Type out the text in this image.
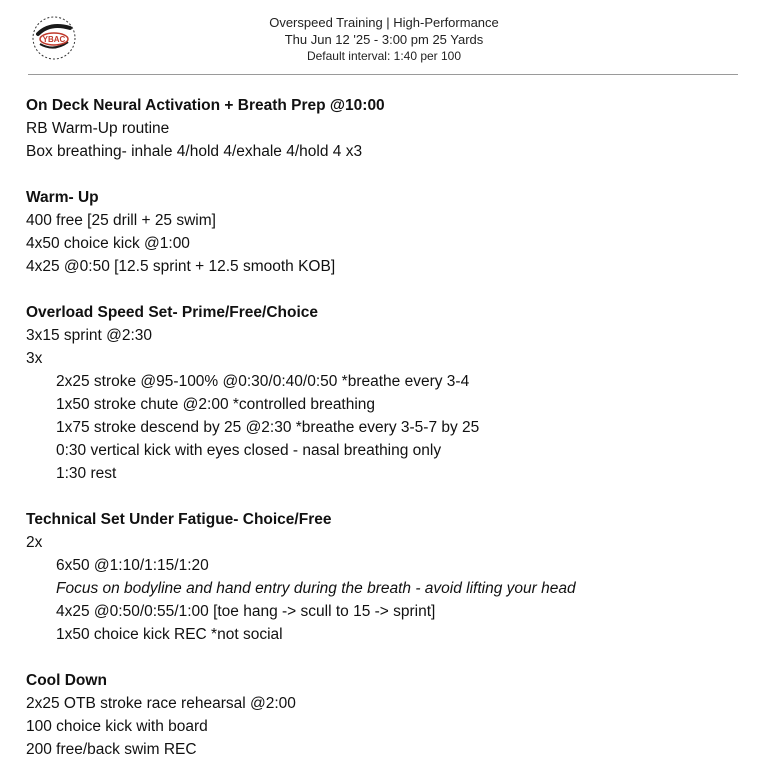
YBAC
Overspeed Training | High-Performance
Thu Jun 12 '25 - 3:00 pm 25 Yards
Default interval: 1:40 per 100
On Deck Neural Activation + Breath Prep @10:00
RB Warm-Up routine
Box breathing- inhale 4/hold 4/exhale 4/hold 4 x3
Warm- Up
400 free [25 drill + 25 swim]
4x50 choice kick @1:00
4x25 @0:50 [12.5 sprint + 12.5 smooth KOB]
Overload Speed Set- Prime/Free/Choice
3x15 sprint @2:30
3x
2x25 stroke @95-100% @0:30/0:40/0:50 *breathe every 3-4
1x50 stroke chute @2:00 *controlled breathing
1x75 stroke descend by 25 @2:30 *breathe every 3-5-7 by 25
0:30 vertical kick with eyes closed - nasal breathing only
1:30 rest
Technical Set Under Fatigue- Choice/Free
2x
6x50 @1:10/1:15/1:20
Focus on bodyline and hand entry during the breath - avoid lifting your head
4x25 @0:50/0:55/1:00 [toe hang -> scull to 15 -> sprint]
1x50 choice kick REC *not social
Cool Down
2x25 OTB stroke race rehearsal @2:00
100 choice kick with board
200 free/back swim REC
